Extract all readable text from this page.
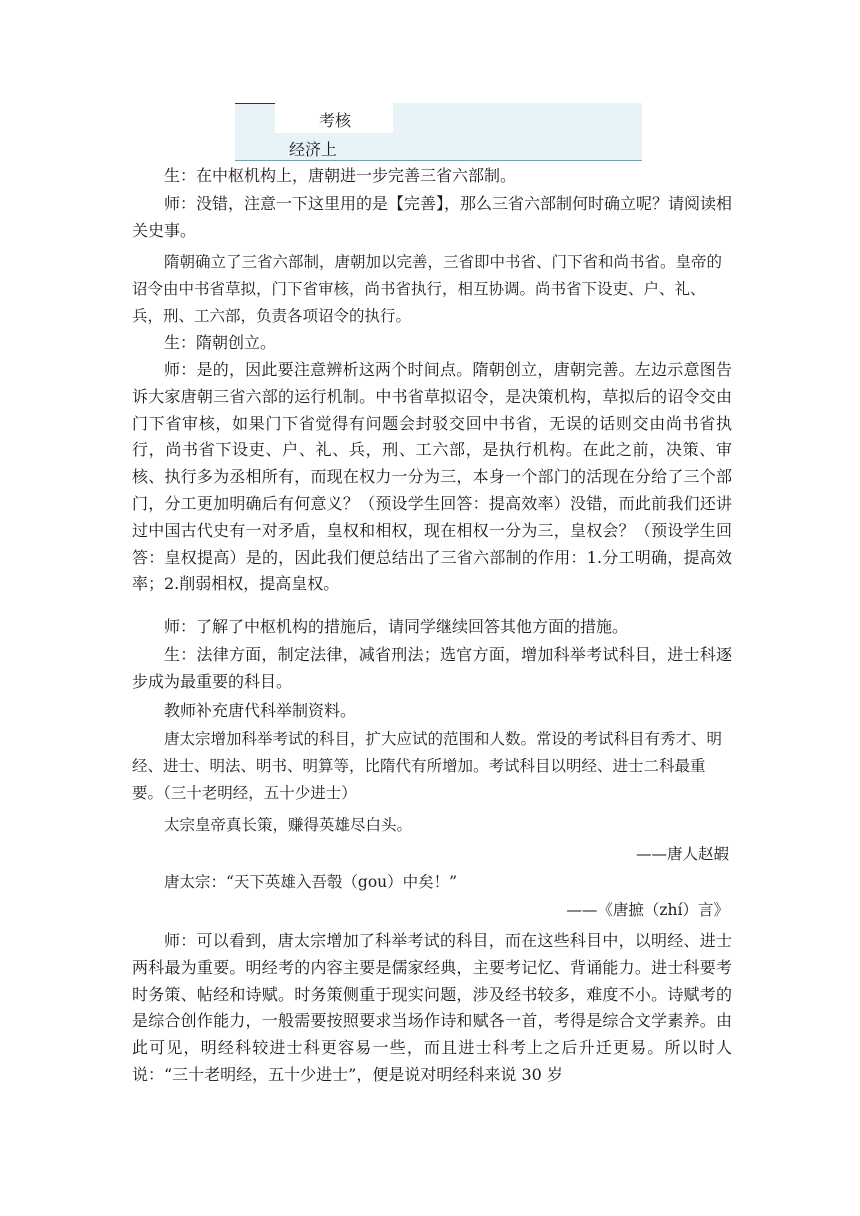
考核
经济上

生：在中枢机构上，唐朝进一步完善三省六部制。

师：没错，注意一下这里用的是【完善】，那么三省六部制何时确立呢？请阅读相关史事。

隋朝确立了三省六部制，唐朝加以完善，三省即中书省、门下省和尚书省。皇帝的诏令由中书省草拟，门下省审核，尚书省执行，相互协调。尚书省下设吏、户、礼、兵，刑、工六部，负责各项诏令的执行。

生：隋朝创立。

师：是的，因此要注意辨析这两个时间点。隋朝创立，唐朝完善。左边示意图告诉大家唐朝三省六部的运行机制。中书省草拟诏令，是决策机构，草拟后的诏令交由门下省审核，如果门下省觉得有问题会封驳交回中书省，无误的话则交由尚书省执行，尚书省下设吏、户、礼、兵，刑、工六部，是执行机构。在此之前，决策、审核、执行多为丞相所有，而现在权力一分为三，本身一个部门的活现在分给了三个部门，分工更加明确后有何意义？（预设学生回答：提高效率）没错，而此前我们还讲过中国古代史有一对矛盾，皇权和相权，现在相权一分为三，皇权会？（预设学生回答：皇权提高）是的，因此我们便总结出了三省六部制的作用：1.分工明确，提高效率；2.削弱相权，提高皇权。

师：了解了中枢机构的措施后，请同学继续回答其他方面的措施。

生：法律方面，制定法律，减省刑法；选官方面，增加科举考试科目，进士科逐步成为最重要的科目。

教师补充唐代科举制资料。

唐太宗增加科举考试的科目，扩大应试的范围和人数。常设的考试科目有秀才、明经、进士、明法、明书、明算等，比隋代有所增加。考试科目以明经、进士二科最重要。（三十老明经，五十少进士）

太宗皇帝真长策，赚得英雄尽白头。

——唐人赵嘏

唐太宗：“天下英雄入吾彀（gou）中矣！”

——《唐摭（zhí）言》

师：可以看到，唐太宗增加了科举考试的科目，而在这些科目中，以明经、进士两科最为重要。明经考的内容主要是儒家经典，主要考记忆、背诵能力。进士科要考时务策、帖经和诗赋。时务策侧重于现实问题，涉及经书较多，难度不小。诗赋考的是综合创作能力，一般需要按照要求当场作诗和赋各一首，考得是综合文学素养。由此可见，明经科较进士科更容易一些，而且进士科考上之后升迁更易。所以时人说：“三十老明经，五十少进士”，便是说对明经科来说 30 岁
